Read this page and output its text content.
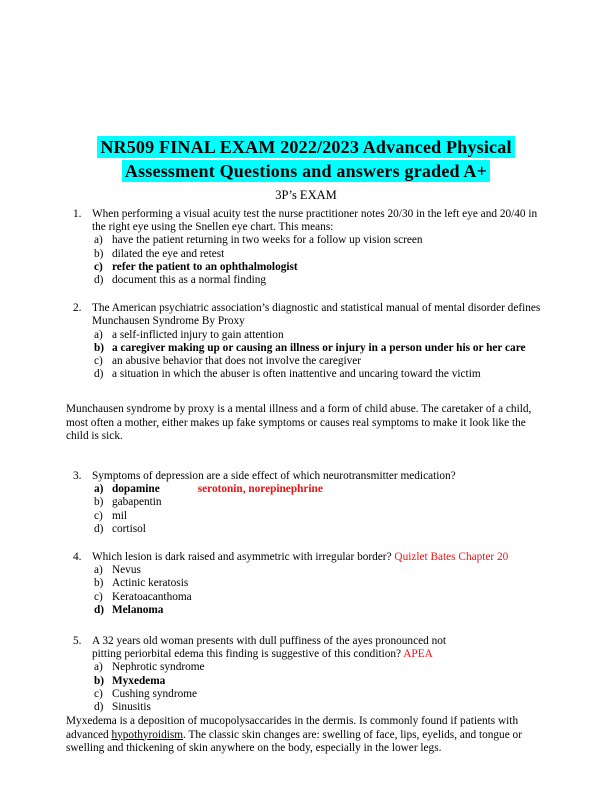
NR509 FINAL EXAM 2022/2023 Advanced Physical
Assessment Questions and answers graded A+
3P’s EXAM
1. When performing a visual acuity test the nurse practitioner notes 20/30 in the left eye and 20/40 in the right eye using the Snellen eye chart. This means:
a) have the patient returning in two weeks for a follow up vision screen
b) dilated the eye and retest
c) refer the patient to an ophthalmologist
d) document this as a normal finding
2. The American psychiatric association’s diagnostic and statistical manual of mental disorder defines Munchausen Syndrome By Proxy
a) a self-inflicted injury to gain attention
b) a caregiver making up or causing an illness or injury in a person under his or her care
c) an abusive behavior that does not involve the caregiver
d) a situation in which the abuser is often inattentive and uncaring toward the victim
Munchausen syndrome by proxy is a mental illness and a form of child abuse. The caretaker of a child, most often a mother, either makes up fake symptoms or causes real symptoms to make it look like the child is sick.
3. Symptoms of depression are a side effect of which neurotransmitter medication?
a) dopamine	serotonin, norepinephrine
b) gabapentin
c) mil
d) cortisol
4. Which lesion is dark raised and asymmetric with irregular border? Quizlet Bates Chapter 20
a) Nevus
b) Actinic keratosis
c) Keratoacanthoma
d) Melanoma
5. A 32 years old woman presents with dull puffiness of the ayes pronounced not
pitting periorbital edema this finding is suggestive of this condition? APEA
a) Nephrotic syndrome
b) Myxedema
c) Cushing syndrome
d) Sinusitis
Myxedema is a deposition of mucopolysaccarides in the dermis. Is commonly found if patients with advanced hypothyroidism. The classic skin changes are: swelling of face, lips, eyelids, and tongue or swelling and thickening of skin anywhere on the body, especially in the lower legs.
